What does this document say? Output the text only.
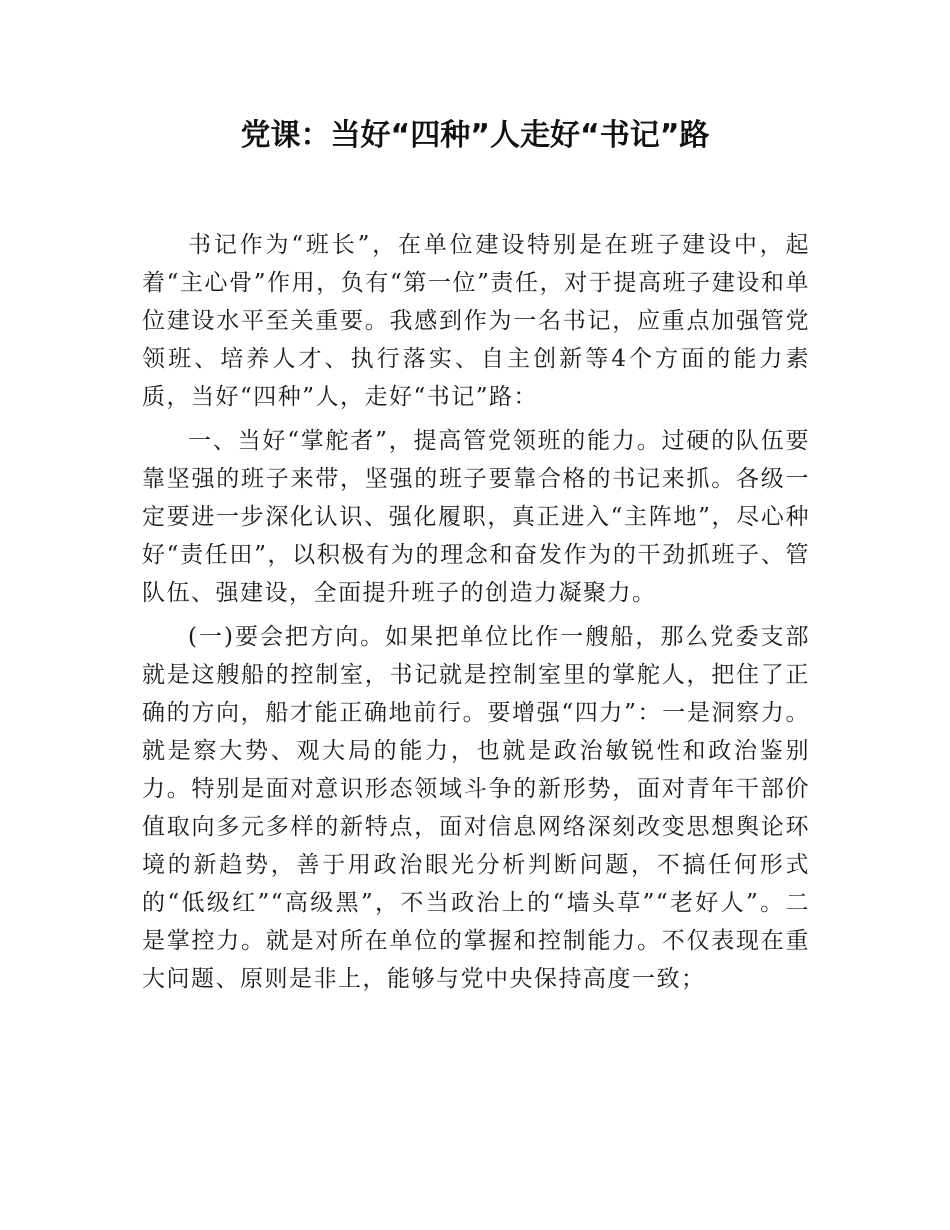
党课：当好“四种”人走好“书记”路

书记作为“班长”，在单位建设特别是在班子建设中，起着“主心骨”作用，负有“第一位”责任，对于提高班子建设和单位建设水平至关重要。我感到作为一名书记，应重点加强管党领班、培养人才、执行落实、自主创新等4个方面的能力素质，当好“四种”人，走好“书记”路：

一、当好“掌舵者”，提高管党领班的能力。过硬的队伍要靠坚强的班子来带，坚强的班子要靠合格的书记来抓。各级一定要进一步深化认识、强化履职，真正进入“主阵地”，尽心种好“责任田”，以积极有为的理念和奋发作为的干劲抓班子、管队伍、强建设，全面提升班子的创造力凝聚力。

(一)要会把方向。如果把单位比作一艘船，那么党委支部就是这艘船的控制室，书记就是控制室里的掌舵人，把住了正确的方向，船才能正确地前行。要增强“四力”：一是洞察力。就是察大势、观大局的能力，也就是政治敏锐性和政治鉴别力。特别是面对意识形态领域斗争的新形势，面对青年干部价值取向多元多样的新特点，面对信息网络深刻改变思想舆论环境的新趋势，善于用政治眼光分析判断问题，不搞任何形式的“低级红”“高级黑”，不当政治上的“墙头草”“老好人”。二是掌控力。就是对所在单位的掌握和控制能力。不仅表现在重大问题、原则是非上，能够与党中央保持高度一致；
